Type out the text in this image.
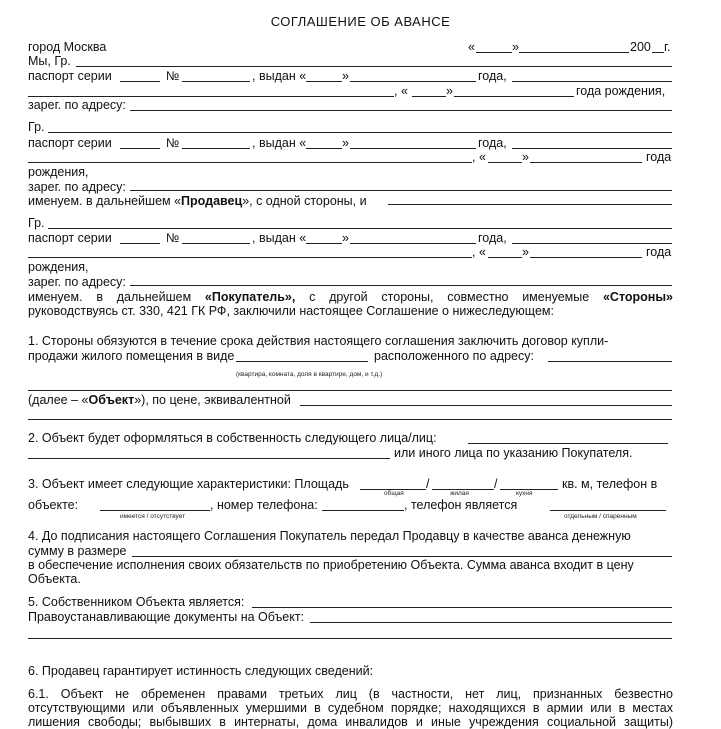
СОГЛАШЕНИЕ ОБ АВАНСЕ
город Москва	«	»	200 г.
Мы, Гр.
паспорт серии	№	, выдан «	»	года,
, «	»	года рождения,
зарег. по адресу:
Гр.
паспорт серии	№	, выдан «	»	года,
, «	»	года
рождения,
зарег. по адресу:
именуем. в дальнейшем «Продавец», с одной стороны, и
Гр.
паспорт серии	№	, выдан «	»	года,
, «	»	года
рождения,
зарег. по адресу:
именуем. в дальнейшем «Покупатель», с другой стороны, совместно именуемые «Стороны»
руководствуясь ст. 330, 421 ГК РФ, заключили настоящее Соглашение о нижеследующем:
1. Стороны обязуются в течение срока действия настоящего соглашения заключить договор купли-
продажи жилого помещения в виде	расположенного по адресу:
(квартира, комната, доля в квартире, дом, и т.д.)
(далее – «Объект»), по цене, эквивалентной
2. Объект будет оформляться в собственность следующего лица/лиц:
или иного лица по указанию Покупателя.
3. Объект имеет следующие характеристики: Площадь	/	/	кв. м, телефон в
общая	жилая	кухня
объекте:	, номер телефона:	, телефон является
имеется / отсутствует	отдельным / спаренным
4. До подписания настоящего Соглашения Покупатель передал Продавцу в качестве аванса денежную
сумму в размере
в обеспечение исполнения своих обязательств по приобретению Объекта. Сумма аванса входит в цену
Объекта.
5. Собственником Объекта является:
Правоустанавливающие документы на Объект:
6. Продавец гарантирует истинность следующих сведений:
6.1. Объект не обременен правами третьих лиц (в частности, нет лиц, признанных безвестно
отсутствующими или объявленных умершими в судебном порядке; находящихся в армии или в местах
лишения свободы; выбывших в интернаты, дома инвалидов и иные учреждения социальной защиты)
